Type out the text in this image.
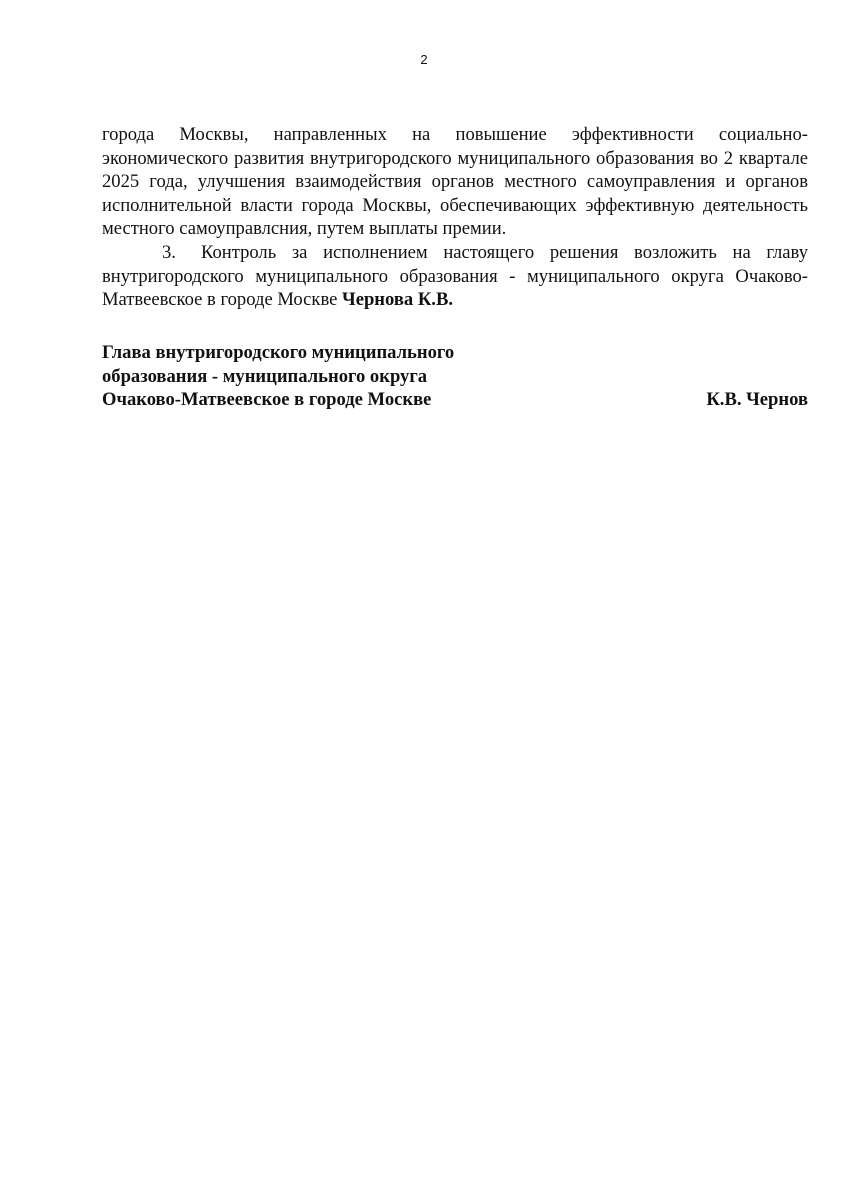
2

города Москвы, направленных на повышение эффективности социально-экономического развития внутригородского муниципального образования во 2 квартале 2025 года, улучшения взаимодействия органов местного самоуправления и органов исполнительной власти города Москвы, обеспечивающих эффективную деятельность местного самоуправлсния, путем выплаты премии.

3. Контроль за исполнением настоящего решения возложить на главу внутригородского муниципального образования - муниципального округа Очаково-Матвеевское в городе Москве Чернова К.В.

Глава внутригородского муниципального
образования - муниципального округа
Очаково-Матвеевское в городе Москве	К.В. Чернов
